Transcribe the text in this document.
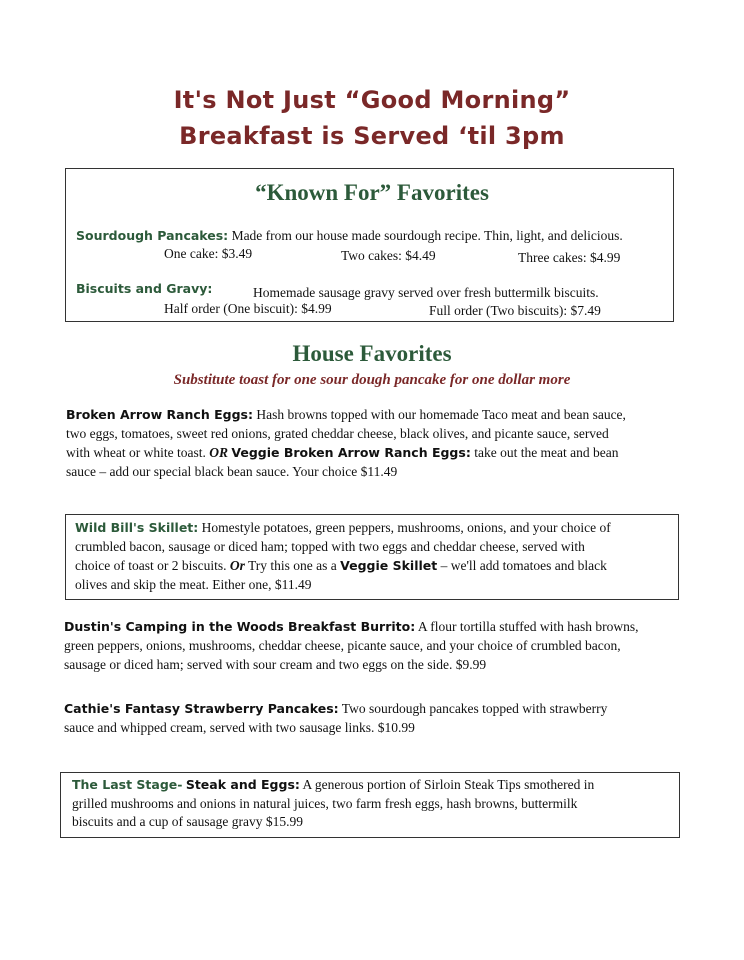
It's Not Just “Good Morning”
Breakfast is Served ‘til 3pm
“Known For” Favorites
Sourdough Pancakes: Made from our house made sourdough recipe. Thin, light, and delicious.
One cake: $3.49	Two cakes: $4.49	Three cakes: $4.99
Biscuits and Gravy:	Homemade sausage gravy served over fresh buttermilk biscuits.
Half order (One biscuit): $4.99	Full order (Two biscuits): $7.49
House Favorites
Substitute toast for one sour dough pancake for one dollar more
Broken Arrow Ranch Eggs: Hash browns topped with our homemade Taco meat and bean sauce,
two eggs, tomatoes, sweet red onions, grated cheddar cheese, black olives, and picante sauce, served
with wheat or white toast. OR Veggie Broken Arrow Ranch Eggs: take out the meat and bean
sauce – add our special black bean sauce. Your choice $11.49
Wild Bill's Skillet: Homestyle potatoes, green peppers, mushrooms, onions, and your choice of
crumbled bacon, sausage or diced ham; topped with two eggs and cheddar cheese, served with
choice of toast or 2 biscuits. Or Try this one as a Veggie Skillet – we'll add tomatoes and black
olives and skip the meat. Either one, $11.49
Dustin's Camping in the Woods Breakfast Burrito: A flour tortilla stuffed with hash browns,
green peppers, onions, mushrooms, cheddar cheese, picante sauce, and your choice of crumbled bacon,
sausage or diced ham; served with sour cream and two eggs on the side. $9.99
Cathie's Fantasy Strawberry Pancakes: Two sourdough pancakes topped with strawberry
sauce and whipped cream, served with two sausage links. $10.99
The Last Stage- Steak and Eggs: A generous portion of Sirloin Steak Tips smothered in
grilled mushrooms and onions in natural juices, two farm fresh eggs, hash browns, buttermilk
biscuits and a cup of sausage gravy $15.99
